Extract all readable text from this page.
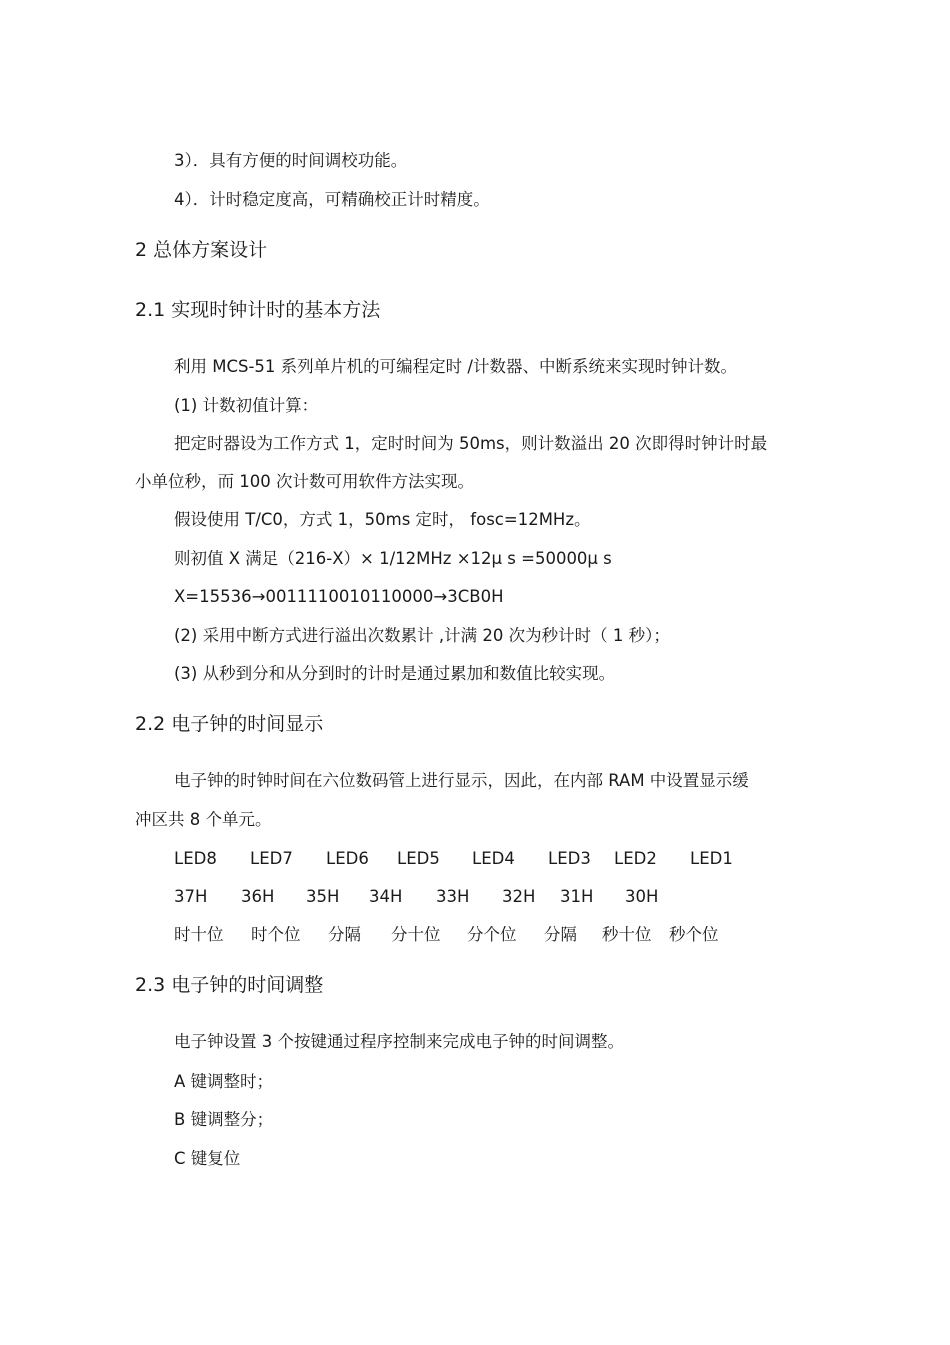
3）．具有方便的时间调校功能。
4）．计时稳定度高，可精确校正计时精度。
2 总体方案设计
2.1 实现时钟计时的基本方法
利用 MCS-51 系列单片机的可编程定时 /计数器、中断系统来实现时钟计数。
(1) 计数初值计算：
把定时器设为工作方式 1，定时时间为 50ms，则计数溢出 20 次即得时钟计时最
小单位秒，而 100 次计数可用软件方法实现。
假设使用 T/C0，方式 1，50ms 定时， fosc=12MHz。
则初值 X 满足（216-X）× 1/12MHz ×12μ s =50000μ s
X=15536→0011110010110000→3CB0H
(2) 采用中断方式进行溢出次数累计 ,计满 20 次为秒计时（ 1 秒）；
(3) 从秒到分和从分到时的计时是通过累加和数值比较实现。
2.2 电子钟的时间显示
电子钟的时钟时间在六位数码管上进行显示，因此，在内部 RAM 中设置显示缓
冲区共 8 个单元。
LED8 LED7 LED6 LED5 LED4 LED3 LED2 LED1
37H 36H 35H 34H 33H 32H 31H 30H
时十位 时个位 分隔 分十位 分个位 分隔 秒十位 秒个位
2.3 电子钟的时间调整
电子钟设置 3 个按键通过程序控制来完成电子钟的时间调整。
A 键调整时；
B 键调整分；
C 键复位
